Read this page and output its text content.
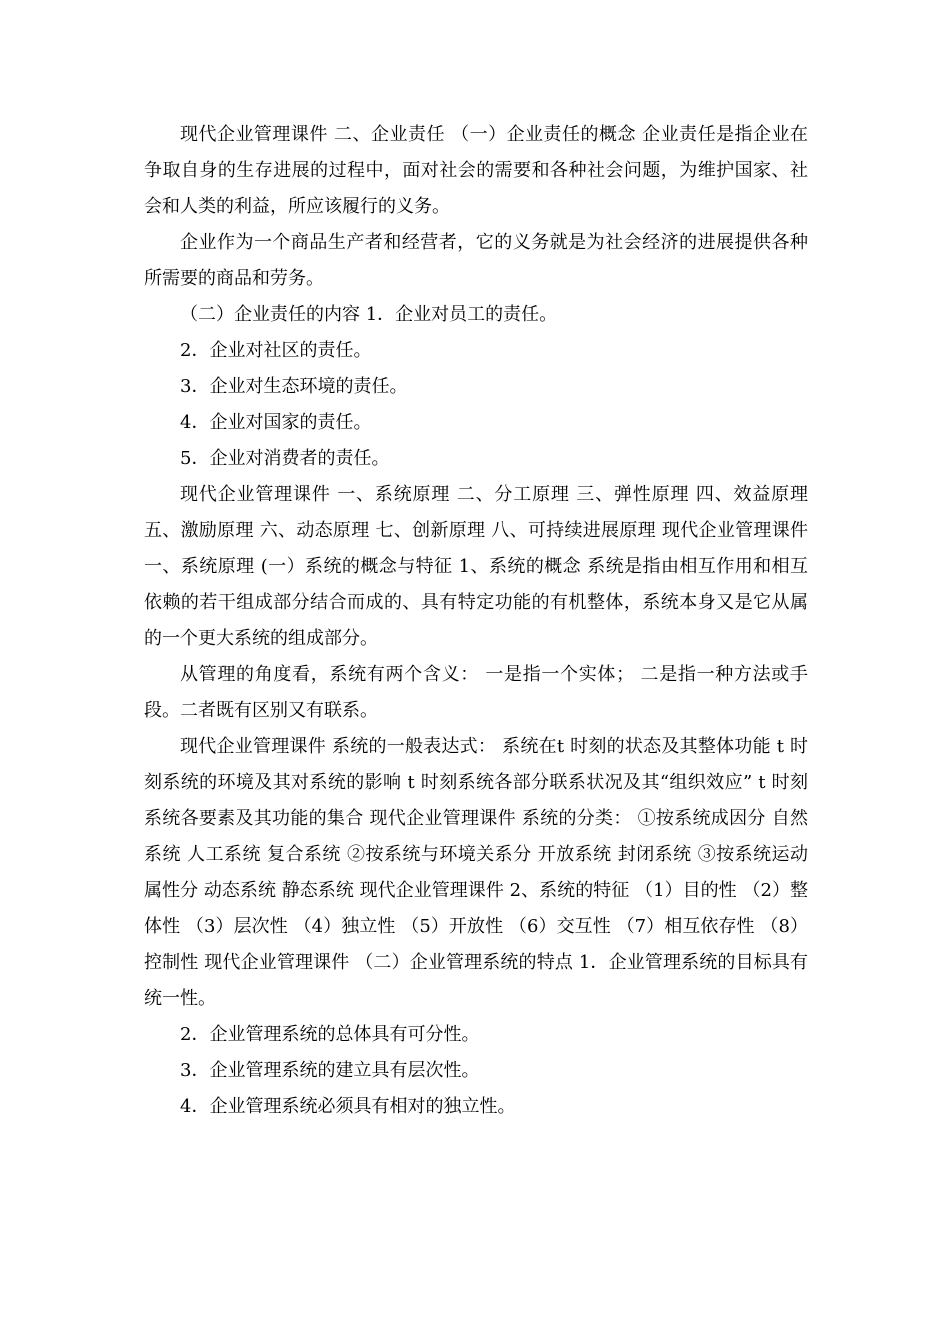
现代企业管理课件 二、企业责任 （一）企业责任的概念 企业责任是指企业在争取自身的生存进展的过程中，面对社会的需要和各种社会问题，为维护国家、社会和人类的利益，所应该履行的义务。

企业作为一个商品生产者和经营者，它的义务就是为社会经济的进展提供各种所需要的商品和劳务。

（二）企业责任的内容 1．企业对员工的责任。

2．企业对社区的责任。

3．企业对生态环境的责任。

4．企业对国家的责任。

5．企业对消费者的责任。

现代企业管理课件 一、系统原理 二、分工原理 三、弹性原理 四、效益原理 五、激励原理 六、动态原理 七、创新原理 八、可持续进展原理 现代企业管理课件 一、系统原理 (一）系统的概念与特征 1、系统的概念 系统是指由相互作用和相互依赖的若干组成部分结合而成的、具有特定功能的有机整体，系统本身又是它从属的一个更大系统的组成部分。

从管理的角度看，系统有两个含义： 一是指一个实体； 二是指一种方法或手段。二者既有区别又有联系。

现代企业管理课件 系统的一般表达式： 系统在t 时刻的状态及其整体功能 t 时刻系统的环境及其对系统的影响 t 时刻系统各部分联系状况及其“组织效应” t 时刻系统各要素及其功能的集合 现代企业管理课件 系统的分类： ①按系统成因分 自然系统 人工系统 复合系统 ②按系统与环境关系分 开放系统 封闭系统 ③按系统运动属性分 动态系统 静态系统 现代企业管理课件 2、系统的特征 （1）目的性 （2）整体性 （3）层次性 （4）独立性 （5）开放性 （6）交互性 （7）相互依存性 （8）控制性 现代企业管理课件 （二）企业管理系统的特点 1．企业管理系统的目标具有统一性。

2．企业管理系统的总体具有可分性。

3．企业管理系统的建立具有层次性。

4．企业管理系统必须具有相对的独立性。
